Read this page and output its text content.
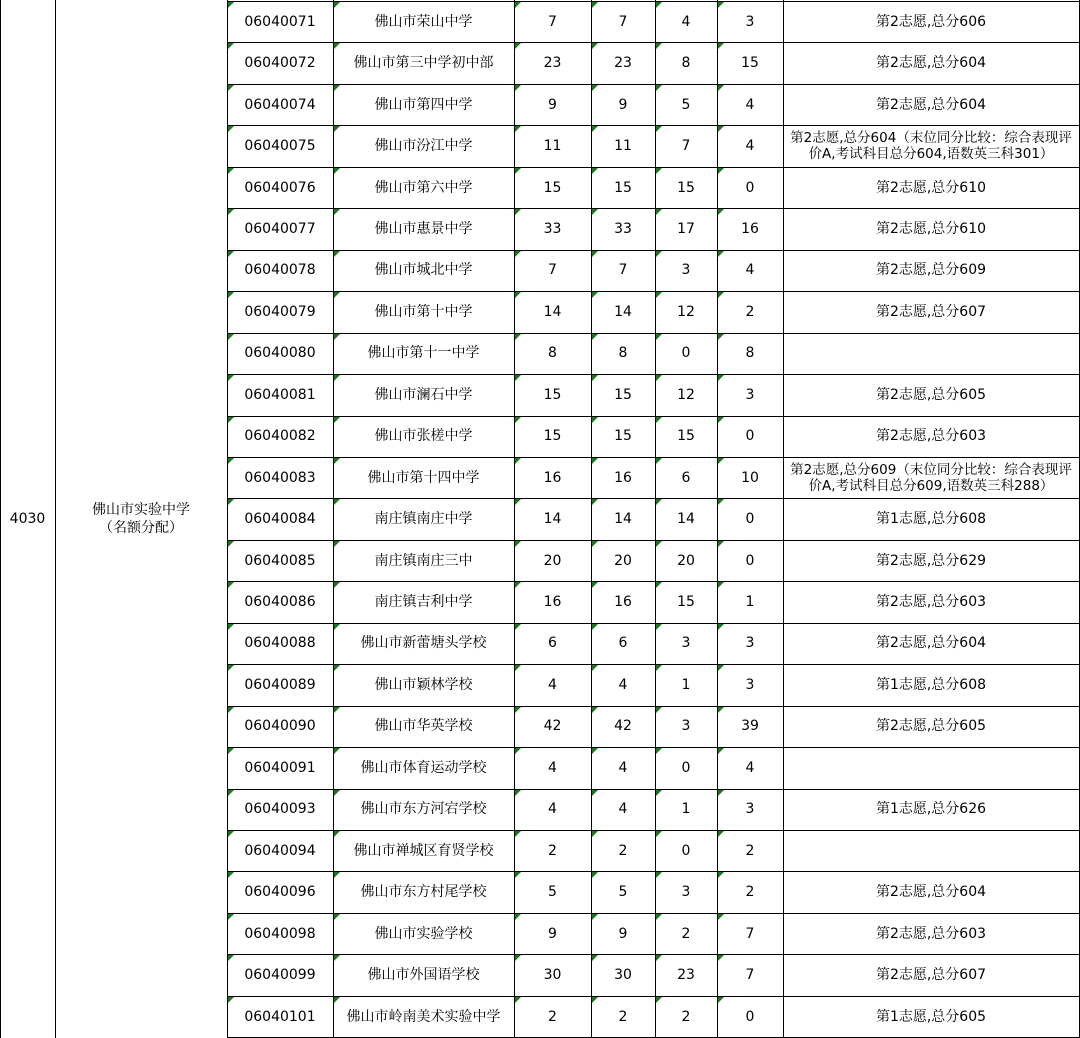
4030
佛山市实验中学
（名额分配）
06040071	佛山市荣山中学	7	7	4	3	第2志愿,总分606
06040072	佛山市第三中学初中部	23	23	8	15	第2志愿,总分604
06040074	佛山市第四中学	9	9	5	4	第2志愿,总分604
06040075	佛山市汾江中学	11	11	7	4	第2志愿,总分604（末位同分比较：综合表现评价A,考试科目总分604,语数英三科301）
06040076	佛山市第六中学	15	15	15	0	第2志愿,总分610
06040077	佛山市惠景中学	33	33	17	16	第2志愿,总分610
06040078	佛山市城北中学	7	7	3	4	第2志愿,总分609
06040079	佛山市第十中学	14	14	12	2	第2志愿,总分607
06040080	佛山市第十一中学	8	8	0	8
06040081	佛山市澜石中学	15	15	12	3	第2志愿,总分605
06040082	佛山市张槎中学	15	15	15	0	第2志愿,总分603
06040083	佛山市第十四中学	16	16	6	10	第2志愿,总分609（末位同分比较：综合表现评价A,考试科目总分609,语数英三科288）
06040084	南庄镇南庄中学	14	14	14	0	第1志愿,总分608
06040085	南庄镇南庄三中	20	20	20	0	第2志愿,总分629
06040086	南庄镇吉利中学	16	16	15	1	第2志愿,总分603
06040088	佛山市新蕾塘头学校	6	6	3	3	第2志愿,总分604
06040089	佛山市颖林学校	4	4	1	3	第1志愿,总分608
06040090	佛山市华英学校	42	42	3	39	第2志愿,总分605
06040091	佛山市体育运动学校	4	4	0	4
06040093	佛山市东方河宕学校	4	4	1	3	第1志愿,总分626
06040094	佛山市禅城区育贤学校	2	2	0	2
06040096	佛山市东方村尾学校	5	5	3	2	第2志愿,总分604
06040098	佛山市实验学校	9	9	2	7	第2志愿,总分603
06040099	佛山市外国语学校	30	30	23	7	第2志愿,总分607
06040101 佛山市岭南美术实验中学	2	2	2	0	第1志愿,总分605
